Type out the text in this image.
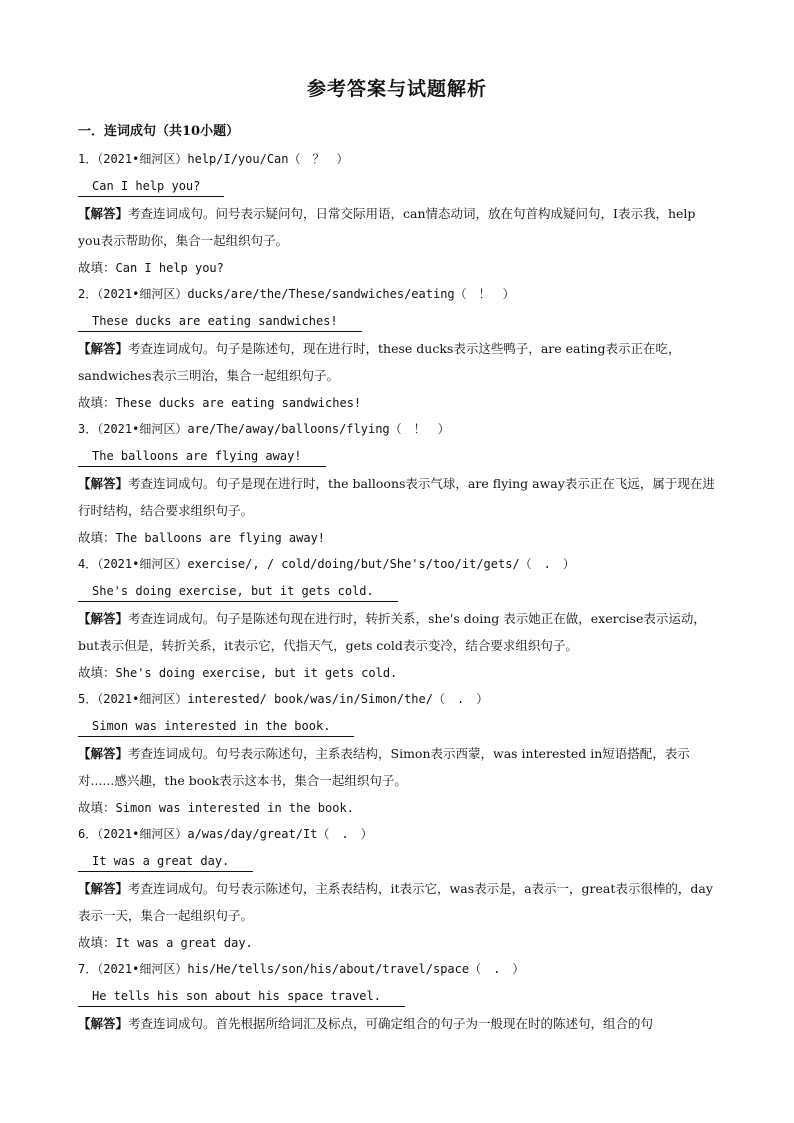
参考答案与试题解析
一．连词成句（共10小题）
1．（2021•细河区）help/I/you/Can（　？　）
Can I help you?
【解答】考查连词成句。问号表示疑问句，日常交际用语，can情态动词，放在句首构成疑问句，I表示我，help you表示帮助你，集合一起组织句子。
故填：Can I help you?
2．（2021•细河区）ducks/are/the/These/sandwiches/eating（　！　）
These ducks are eating sandwiches!
【解答】考查连词成句。句子是陈述句，现在进行时，these ducks表示这些鸭子，are eating表示正在吃，sandwiches表示三明治，集合一起组织句子。
故填：These ducks are eating sandwiches!
3．（2021•细河区）are/The/away/balloons/flying（　！　）
The balloons are flying away!
【解答】考查连词成句。句子是现在进行时，the balloons表示气球，are flying away表示正在飞远，属于现在进行时结构，结合要求组织句子。
故填：The balloons are flying away!
4．（2021•细河区）exercise/, / cold/doing/but/She's/too/it/gets/（　.　）
She's doing exercise, but it gets cold.
【解答】考查连词成句。句子是陈述句现在进行时，转折关系，she's doing 表示她正在做，exercise表示运动，but表示但是，转折关系，it表示它，代指天气，gets cold表示变冷，结合要求组织句子。
故填：She's doing exercise, but it gets cold.
5．（2021•细河区）interested/ book/was/in/Simon/the/（　.　）
Simon was interested in the book.
【解答】考查连词成句。句号表示陈述句，主系表结构，Simon表示西蒙，was interested in短语搭配，表示对......感兴趣，the book表示这本书，集合一起组织句子。
故填：Simon was interested in the book.
6．（2021•细河区）a/was/day/great/It（　.　）
It was a great day.
【解答】考查连词成句。句号表示陈述句，主系表结构，it表示它，was表示是，a表示一，great表示很棒的，day表示一天，集合一起组织句子。
故填：It was a great day.
7．（2021•细河区）his/He/tells/son/his/about/travel/space（　.　）
He tells his son about his space travel.
【解答】考查连词成句。首先根据所给词汇及标点，可确定组合的句子为一般现在时的陈述句，组合的句
